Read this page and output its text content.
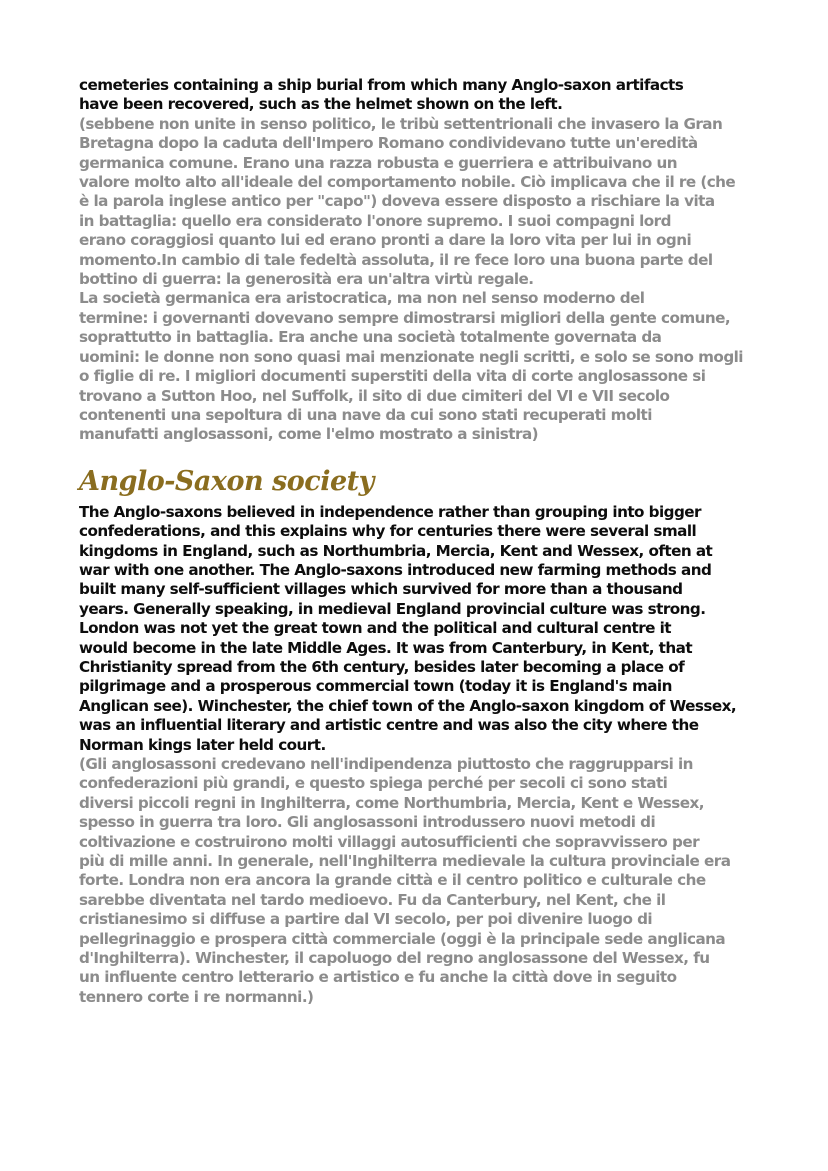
cemeteries containing a ship burial from which many Anglo-saxon artifacts
have been recovered, such as the helmet shown on the left.
(sebbene non unite in senso politico, le tribù settentrionali che invasero la Gran
Bretagna dopo la caduta dell'Impero Romano condividevano tutte un'eredità
germanica comune. Erano una razza robusta e guerriera e attribuivano un
valore molto alto all'ideale del comportamento nobile. Ciò implicava che il re (che
è la parola inglese antico per "capo") doveva essere disposto a rischiare la vita
in battaglia: quello era considerato l'onore supremo. I suoi compagni lord
erano coraggiosi quanto lui ed erano pronti a dare la loro vita per lui in ogni
momento.In cambio di tale fedeltà assoluta, il re fece loro una buona parte del
bottino di guerra: la generosità era un'altra virtù regale.
La società germanica era aristocratica, ma non nel senso moderno del
termine: i governanti dovevano sempre dimostrarsi migliori della gente comune,
soprattutto in battaglia. Era anche una società totalmente governata da
uomini: le donne non sono quasi mai menzionate negli scritti, e solo se sono mogli
o figlie di re. I migliori documenti superstiti della vita di corte anglosassone si
trovano a Sutton Hoo, nel Suffolk, il sito di due cimiteri del VI e VII secolo
contenenti una sepoltura di una nave da cui sono stati recuperati molti
manufatti anglosassoni, come l'elmo mostrato a sinistra)
Anglo-Saxon society
The Anglo-saxons believed in independence rather than grouping into bigger
confederations, and this explains why for centuries there were several small
kingdoms in England, such as Northumbria, Mercia, Kent and Wessex, often at
war with one another. The Anglo-saxons introduced new farming methods and
built many self-sufficient villages which survived for more than a thousand
years. Generally speaking, in medieval England provincial culture was strong.
London was not yet the great town and the political and cultural centre it
would become in the late Middle Ages. It was from Canterbury, in Kent, that
Christianity spread from the 6th century, besides later becoming a place of
pilgrimage and a prosperous commercial town (today it is England's main
Anglican see). Winchester, the chief town of the Anglo-saxon kingdom of Wessex,
was an influential literary and artistic centre and was also the city where the
Norman kings later held court.
(Gli anglosassoni credevano nell'indipendenza piuttosto che raggrupparsi in
confederazioni più grandi, e questo spiega perché per secoli ci sono stati
diversi piccoli regni in Inghilterra, come Northumbria, Mercia, Kent e Wessex,
spesso in guerra tra loro. Gli anglosassoni introdussero nuovi metodi di
coltivazione e costruirono molti villaggi autosufficienti che sopravvissero per
più di mille anni. In generale, nell'Inghilterra medievale la cultura provinciale era
forte. Londra non era ancora la grande città e il centro politico e culturale che
sarebbe diventata nel tardo medioevo. Fu da Canterbury, nel Kent, che il
cristianesimo si diffuse a partire dal VI secolo, per poi divenire luogo di
pellegrinaggio e prospera città commerciale (oggi è la principale sede anglicana
d'Inghilterra). Winchester, il capoluogo del regno anglosassone del Wessex, fu
un influente centro letterario e artistico e fu anche la città dove in seguito
tennero corte i re normanni.)
